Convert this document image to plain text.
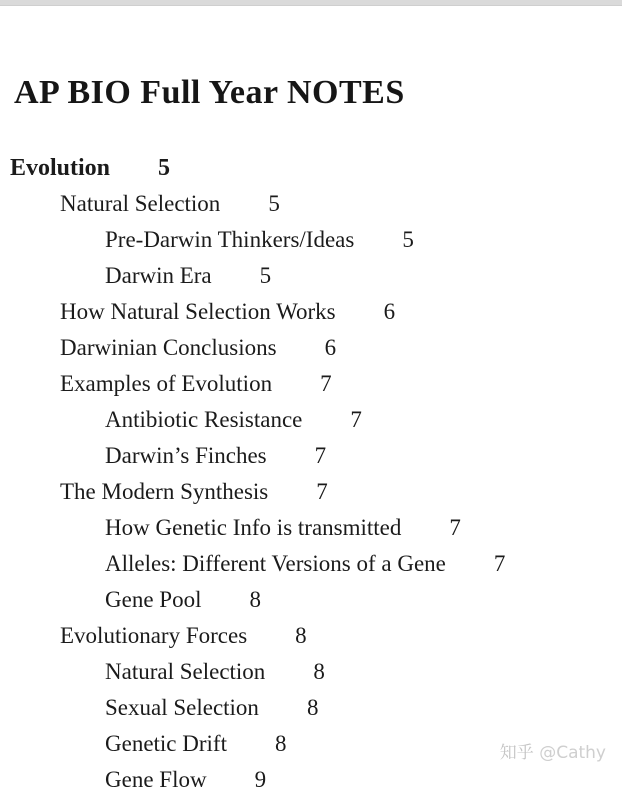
AP BIO Full Year NOTES
Evolution 5
Natural Selection 5
Pre-Darwin Thinkers/Ideas 5
Darwin Era 5
How Natural Selection Works 6
Darwinian Conclusions 6
Examples of Evolution 7
Antibiotic Resistance 7
Darwin’s Finches 7
The Modern Synthesis 7
How Genetic Info is transmitted 7
Alleles: Different Versions of a Gene 7
Gene Pool 8
Evolutionary Forces 8
Natural Selection 8
Sexual Selection 8
Genetic Drift 8
Gene Flow 9
知乎 @Cathy
